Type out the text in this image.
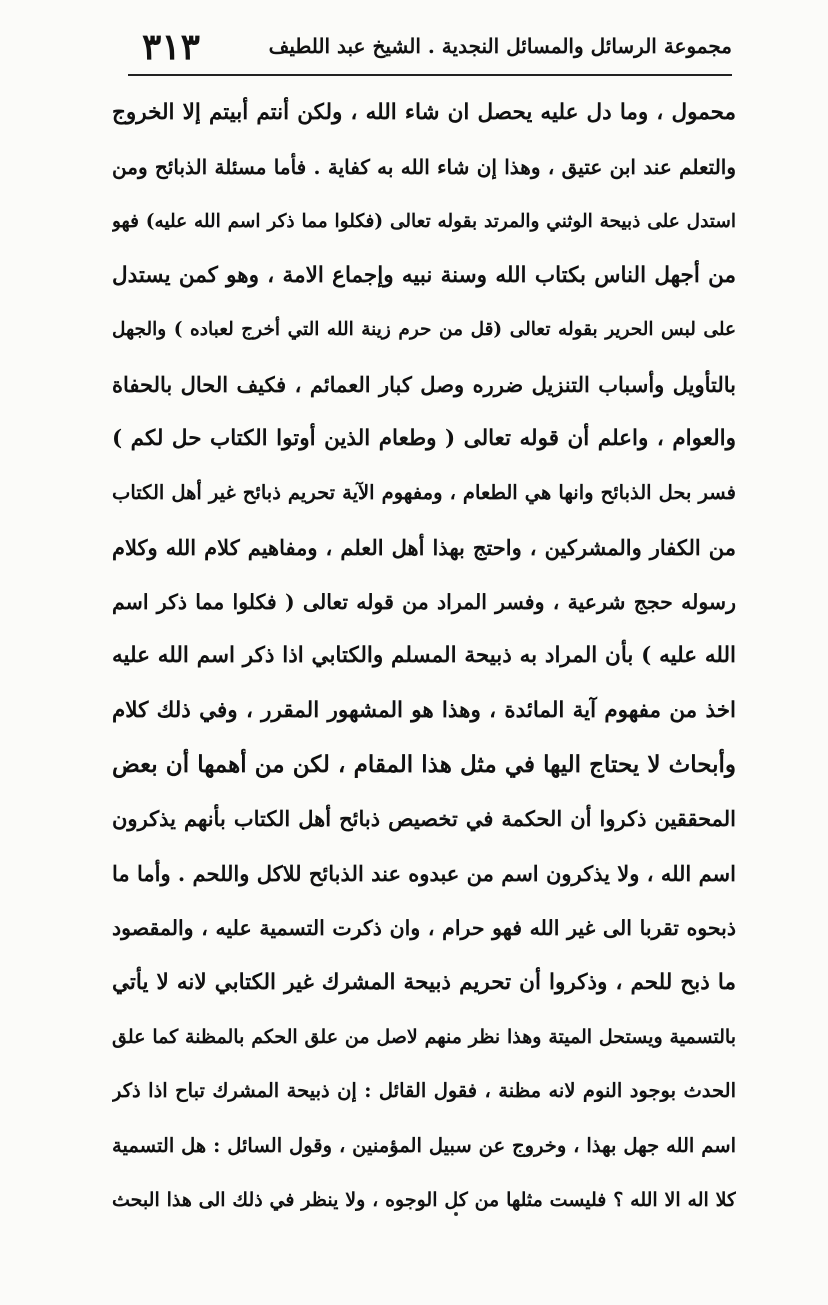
مجموعة الرسائل والمسائل النجدية . الشيخ عبد اللطيف
٣١٣
محمول ، وما دل عليه يحصل ان شاء الله ، ولكن أنتم أبيتم إلا الخروج
والتعلم عند ابن عتيق ، وهذا إن شاء الله به كفاية . فأما مسئلة الذبائح ومن
استدل على ذبيحة الوثني والمرتد بقوله تعالى (فكلوا مما ذكر اسم الله عليه) فهو
من أجهل الناس بكتاب الله وسنة نبيه وإجماع الامة ، وهو كمن يستدل
على لبس الحرير بقوله تعالى (قل من حرم زينة الله التي أخرج لعباده ) والجهل
بالتأويل وأسباب التنزيل ضرره وصل كبار العمائم ، فكيف الحال بالحفاة
والعوام ، واعلم أن قوله تعالى ( وطعام الذين أوتوا الكتاب حل لكم )
فسر بحل الذبائح وانها هي الطعام ، ومفهوم الآية تحريم ذبائح غير أهل الكتاب
من الكفار والمشركين ، واحتج بهذا أهل العلم ، ومفاهيم كلام الله وكلام
رسوله حجج شرعية ، وفسر المراد من قوله تعالى ( فكلوا مما ذكر اسم
الله عليه ) بأن المراد به ذبيحة المسلم والكتابي اذا ذكر اسم الله عليه
اخذ من مفهوم آية المائدة ، وهذا هو المشهور المقرر ، وفي ذلك كلام
وأبحاث لا يحتاج اليها في مثل هذا المقام ، لكن من أهمها أن بعض
المحققين ذكروا أن الحكمة في تخصيص ذبائح أهل الكتاب بأنهم يذكرون
اسم الله ، ولا يذكرون اسم من عبدوه عند الذبائح للاكل واللحم . وأما ما
ذبحوه تقربا الى غير الله فهو حرام ، وان ذكرت التسمية عليه ، والمقصود
ما ذبح للحم ، وذكروا أن تحريم ذبيحة المشرك غير الكتابي لانه لا يأتي
بالتسمية ويستحل الميتة وهذا نظر منهم لاصل من علق الحكم بالمظنة كما علق
الحدث بوجود النوم لانه مظنة ، فقول القائل : إن ذبيحة المشرك تباح اذا ذكر
اسم الله جهل بهذا ، وخروج عن سبيل المؤمنين ، وقول السائل : هل التسمية
كلا اله الا الله ؟ فليست مثلها من كل الوجوه ، ولا ينظر في ذلك الى هذا البحث
